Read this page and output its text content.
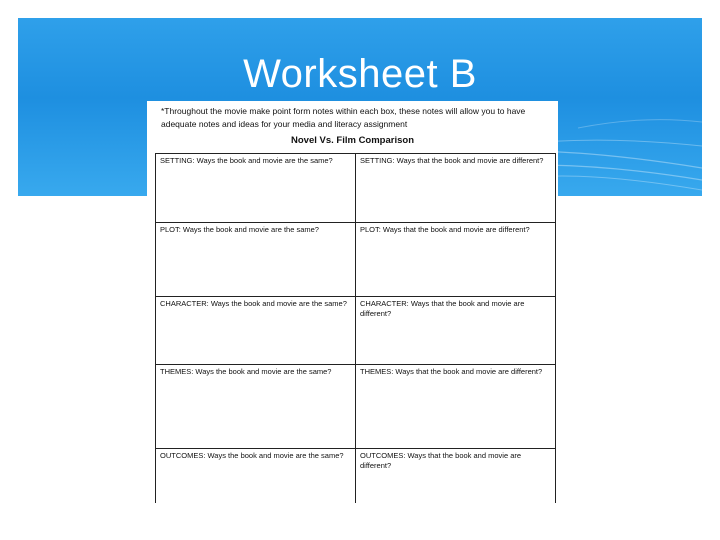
Worksheet B
*Throughout the movie make point form notes within each box, these notes will allow you to have adequate notes and ideas for your media and literacy assignment
Novel Vs. Film Comparison
SETTING: Ways the book and movie are the same?	SETTING: Ways that the book and movie are different?
PLOT: Ways the book and movie are the same?	PLOT: Ways that the book and movie are different?
CHARACTER: Ways the book and movie are the same?	CHARACTER: Ways that the book and movie are different?
THEMES: Ways the book and movie are the same?	THEMES: Ways that the book and movie are different?
OUTCOMES: Ways the book and movie are the same?	OUTCOMES: Ways that the book and movie are different?
